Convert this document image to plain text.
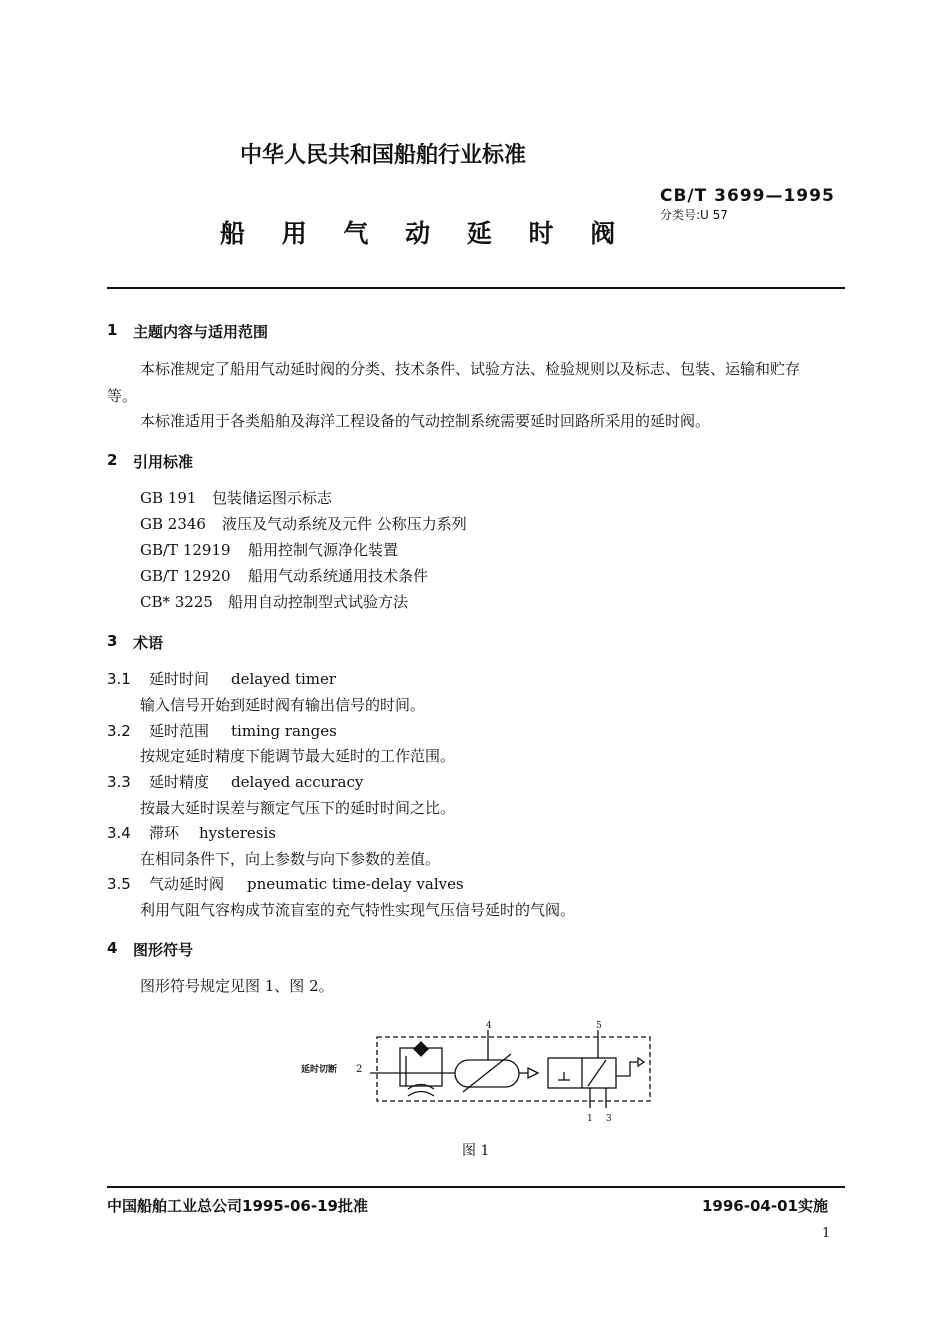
中华人民共和国船舶行业标准
CB/T 3699—1995
分类号:U 57
船 用 气 动 延 时 阀
1 主题内容与适用范围
本标准规定了船用气动延时阀的分类、技术条件、试验方法、检验规则以及标志、包装、运输和贮存
等。
本标准适用于各类船舶及海洋工程设备的气动控制系统需要延时回路所采用的延时阀。
2 引用标准
GB 191 包装储运图示标志
GB 2346 液压及气动系统及元件 公称压力系列
GB/T 12919 船用控制气源净化装置
GB/T 12920 船用气动系统通用技术条件
CB* 3225 船用自动控制型式试验方法
3 术语
3.1 延时时间 delayed timer
输入信号开始到延时阀有输出信号的时间。
3.2 延时范围 timing ranges
按规定延时精度下能调节最大延时的工作范围。
3.3 延时精度 delayed accuracy
按最大延时误差与额定气压下的延时时间之比。
3.4 滞环 hysteresis
在相同条件下，向上参数与向下参数的差值。
3.5 气动延时阀 pneumatic time-delay valves
利用气阻气容构成节流盲室的充气特性实现气压信号延时的气阀。
4 图形符号
图形符号规定见图 1、图 2。
延时切断 2
4	5
1 3
图 1
中国船舶工业总公司1995-06-19批准	1996-04-01实施
1
